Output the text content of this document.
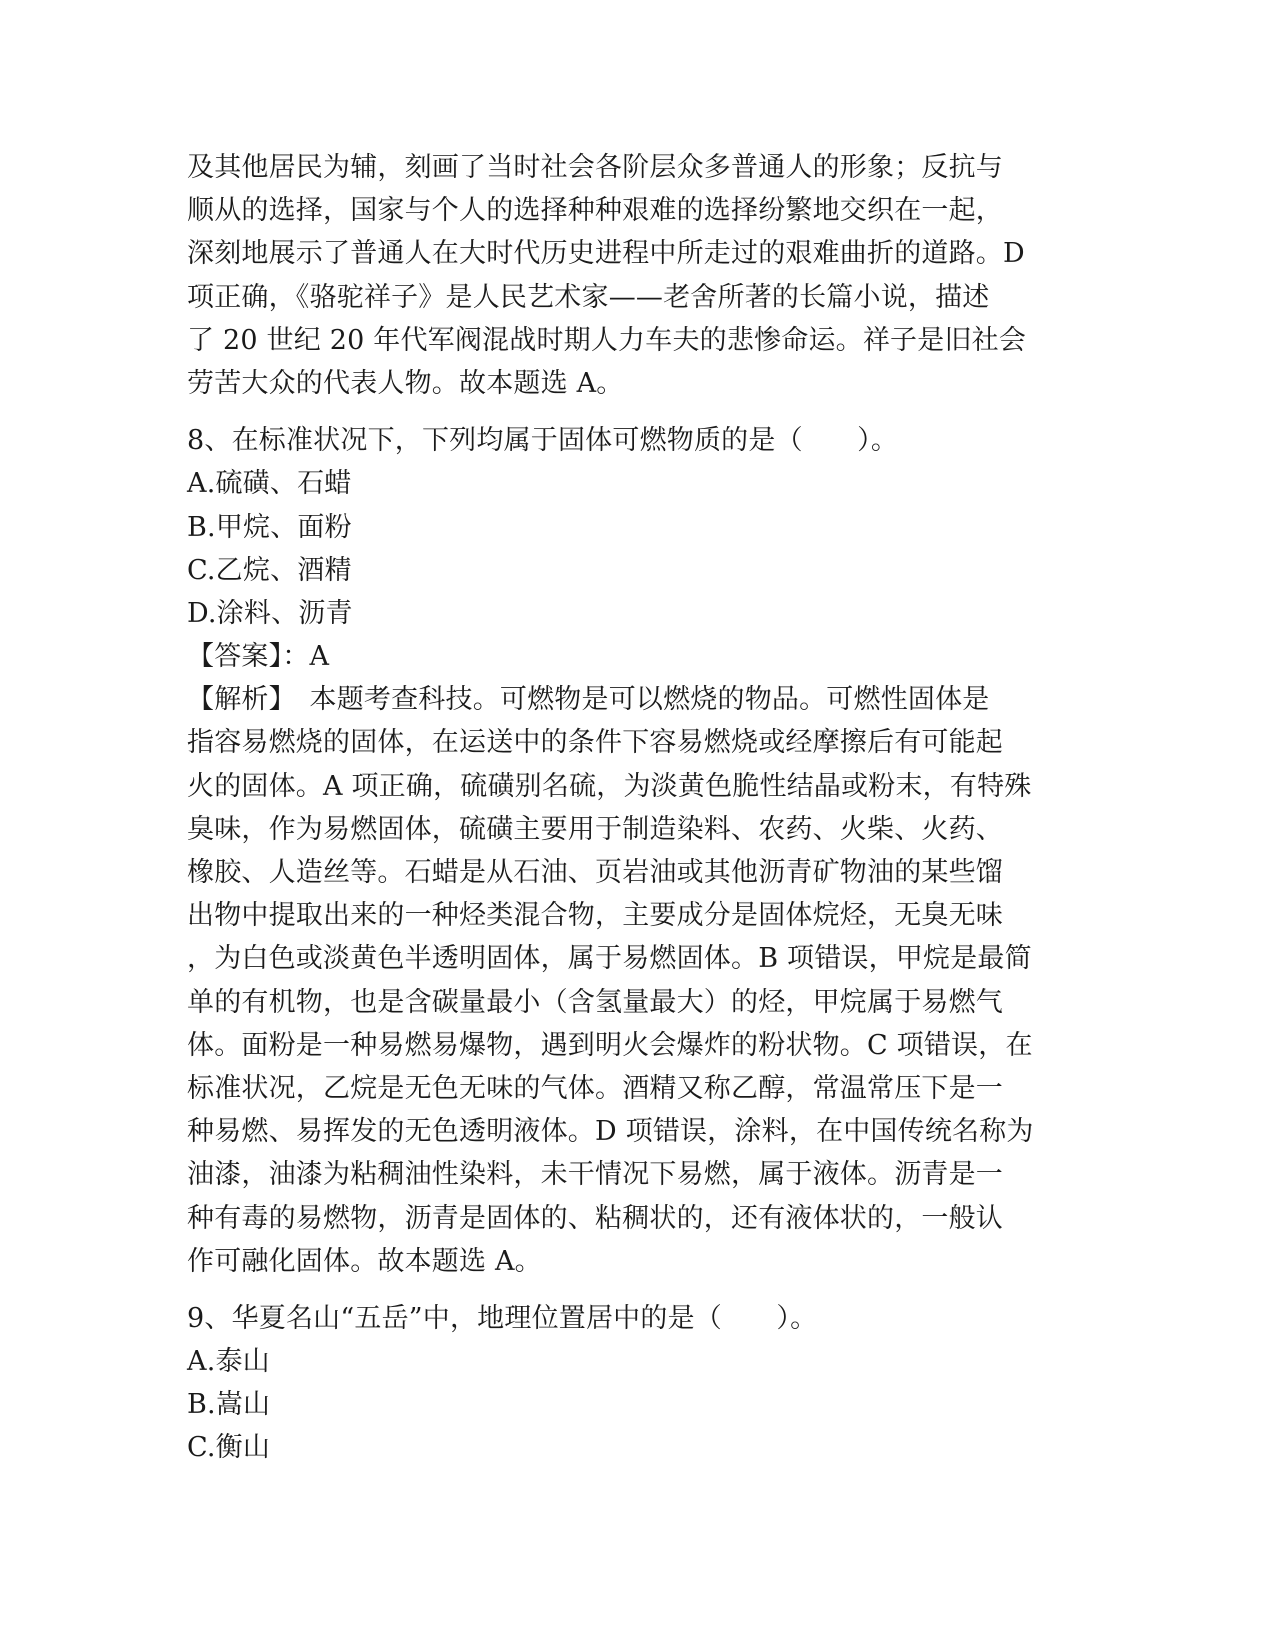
及其他居民为辅，刻画了当时社会各阶层众多普通人的形象；反抗与
顺从的选择，国家与个人的选择种种艰难的选择纷繁地交织在一起，
深刻地展示了普通人在大时代历史进程中所走过的艰难曲折的道路。D
项正确，《骆驼祥子》是人民艺术家——老舍所著的长篇小说，描述
了 20 世纪 20 年代军阀混战时期人力车夫的悲惨命运。祥子是旧社会
劳苦大众的代表人物。故本题选 A。
8、在标准状况下，下列均属于固体可燃物质的是（　　）。
A.硫磺、石蜡
B.甲烷、面粉
C.乙烷、酒精
D.涂料、沥青
【答案】：A
【解析】　本题考查科技。可燃物是可以燃烧的物品。可燃性固体是
指容易燃烧的固体，在运送中的条件下容易燃烧或经摩擦后有可能起
火的固体。A 项正确，硫磺别名硫，为淡黄色脆性结晶或粉末，有特殊
臭味，作为易燃固体，硫磺主要用于制造染料、农药、火柴、火药、
橡胶、人造丝等。石蜡是从石油、页岩油或其他沥青矿物油的某些馏
出物中提取出来的一种烃类混合物，主要成分是固体烷烃，无臭无味
，为白色或淡黄色半透明固体，属于易燃固体。B 项错误，甲烷是最简
单的有机物，也是含碳量最小（含氢量最大）的烃，甲烷属于易燃气
体。面粉是一种易燃易爆物，遇到明火会爆炸的粉状物。C 项错误，在
标准状况，乙烷是无色无味的气体。酒精又称乙醇，常温常压下是一
种易燃、易挥发的无色透明液体。D 项错误，涂料，在中国传统名称为
油漆，油漆为粘稠油性染料，未干情况下易燃，属于液体。沥青是一
种有毒的易燃物，沥青是固体的、粘稠状的，还有液体状的，一般认
作可融化固体。故本题选 A。
9、华夏名山“五岳”中，地理位置居中的是（　　）。
A.泰山
B.嵩山
C.衡山
